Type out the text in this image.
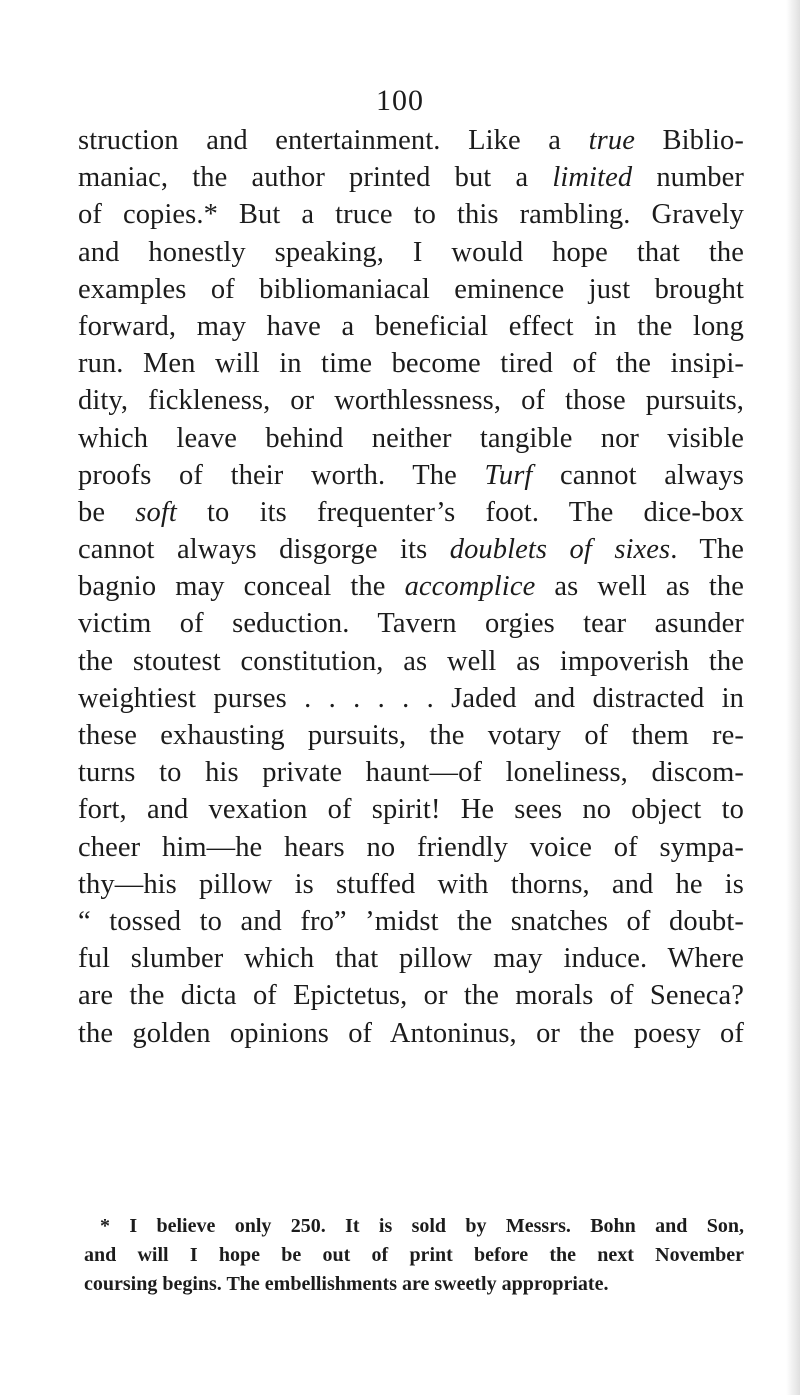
100
struction and entertainment. Like a true Biblio-
maniac, the author printed but a limited number
of copies.* But a truce to this rambling. Gravely
and honestly speaking, I would hope that the
examples of bibliomaniacal eminence just brought
forward, may have a beneficial effect in the long
run. Men will in time become tired of the insipi-
dity, fickleness, or worthlessness, of those pursuits,
which leave behind neither tangible nor visible
proofs of their worth. The Turf cannot always
be soft to its frequenter’s foot. The dice-box
cannot always disgorge its doublets of sixes. The
bagnio may conceal the accomplice as well as the
victim of seduction. Tavern orgies tear asunder
the stoutest constitution, as well as impoverish the
weightiest purses . . . . . . Jaded and distracted in
these exhausting pursuits, the votary of them re-
turns to his private haunt—of loneliness, discom-
fort, and vexation of spirit! He sees no object to
cheer him—he hears no friendly voice of sympa-
thy—his pillow is stuffed with thorns, and he is
“ tossed to and fro” ’midst the snatches of doubt-
ful slumber which that pillow may induce. Where
are the dicta of Epictetus, or the morals of Seneca?
the golden opinions of Antoninus, or the poesy of
* I believe only 250. It is sold by Messrs. Bohn and Son,
and will I hope be out of print before the next November
coursing begins. The embellishments are sweetly appropriate.
